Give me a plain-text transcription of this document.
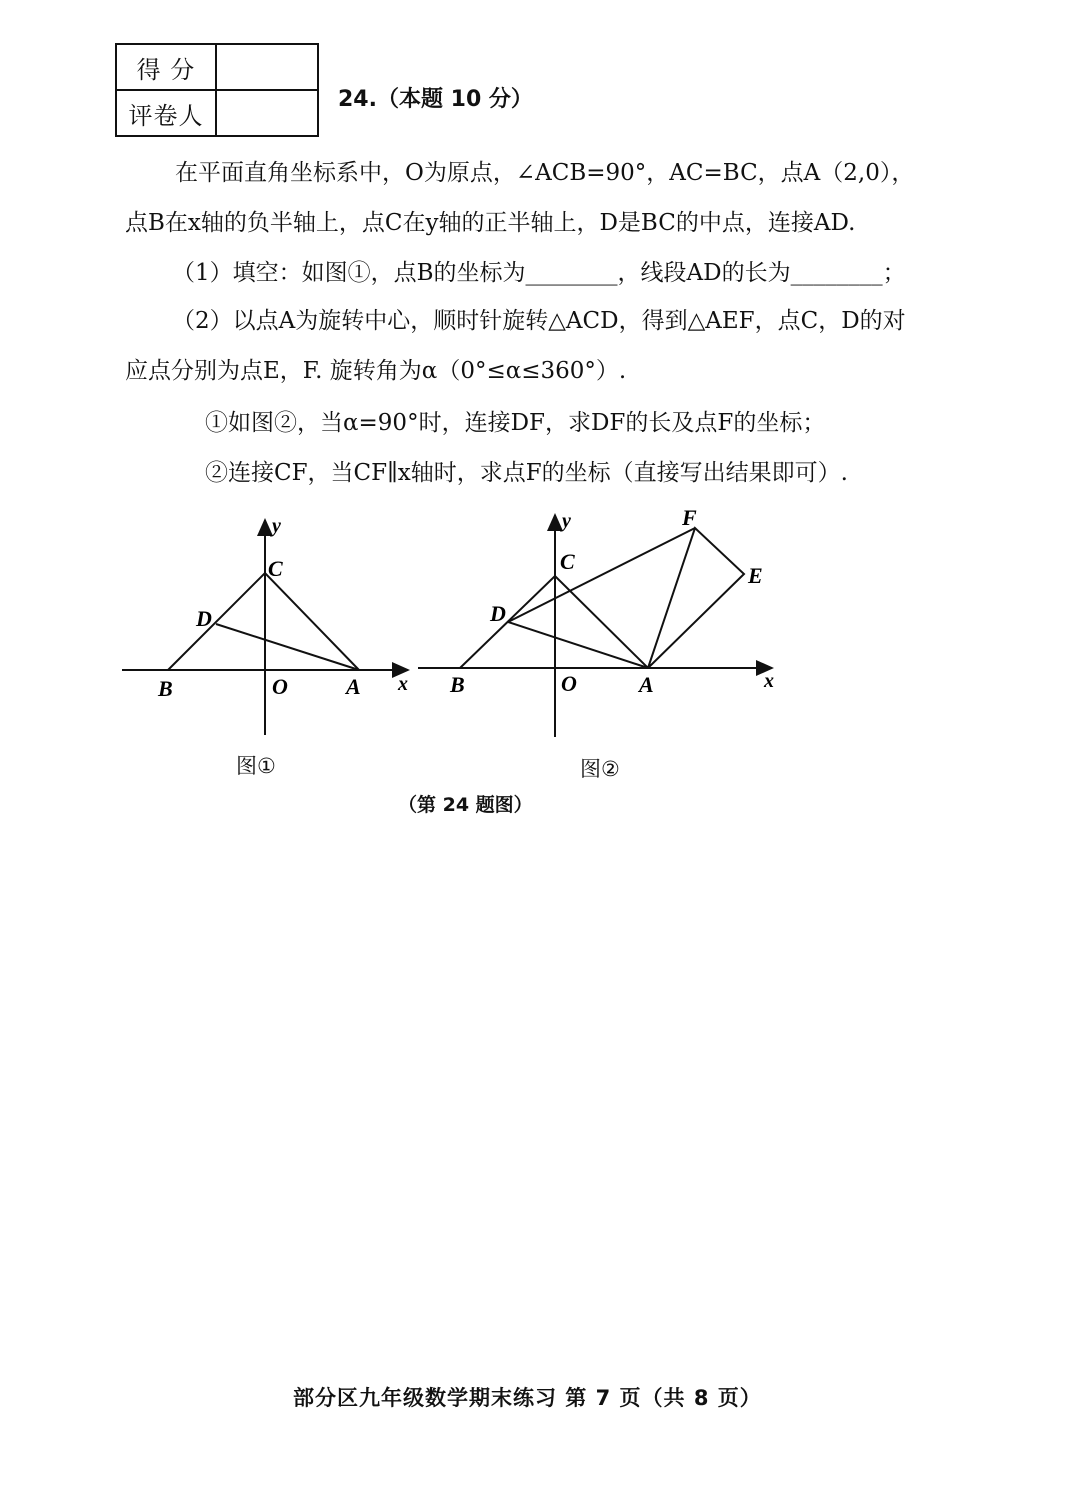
得 分	
评卷人	
24.（本题 10 分）
在平面直角坐标系中，O为原点，∠ACB=90°，AC=BC，点A（2,0），
点B在x轴的负半轴上，点C在y轴的正半轴上，D是BC的中点，连接AD.
（1）填空：如图①，点B的坐标为________，线段AD的长为________；
（2）以点A为旋转中心，顺时针旋转△ACD，得到△AEF，点C，D的对
应点分别为点E，F. 旋转角为α（0°≤α≤360°）.
①如图②，当α=90°时，连接DF，求DF的长及点F的坐标；
②连接CF，当CF∥x轴时，求点F的坐标（直接写出结果即可）.
y
C
D
B	O	A x
图①
y	F
E
C
D
B	O	A	x
图②
（第 24 题图）
部分区九年级数学期末练习 第 7 页（共 8 页）
